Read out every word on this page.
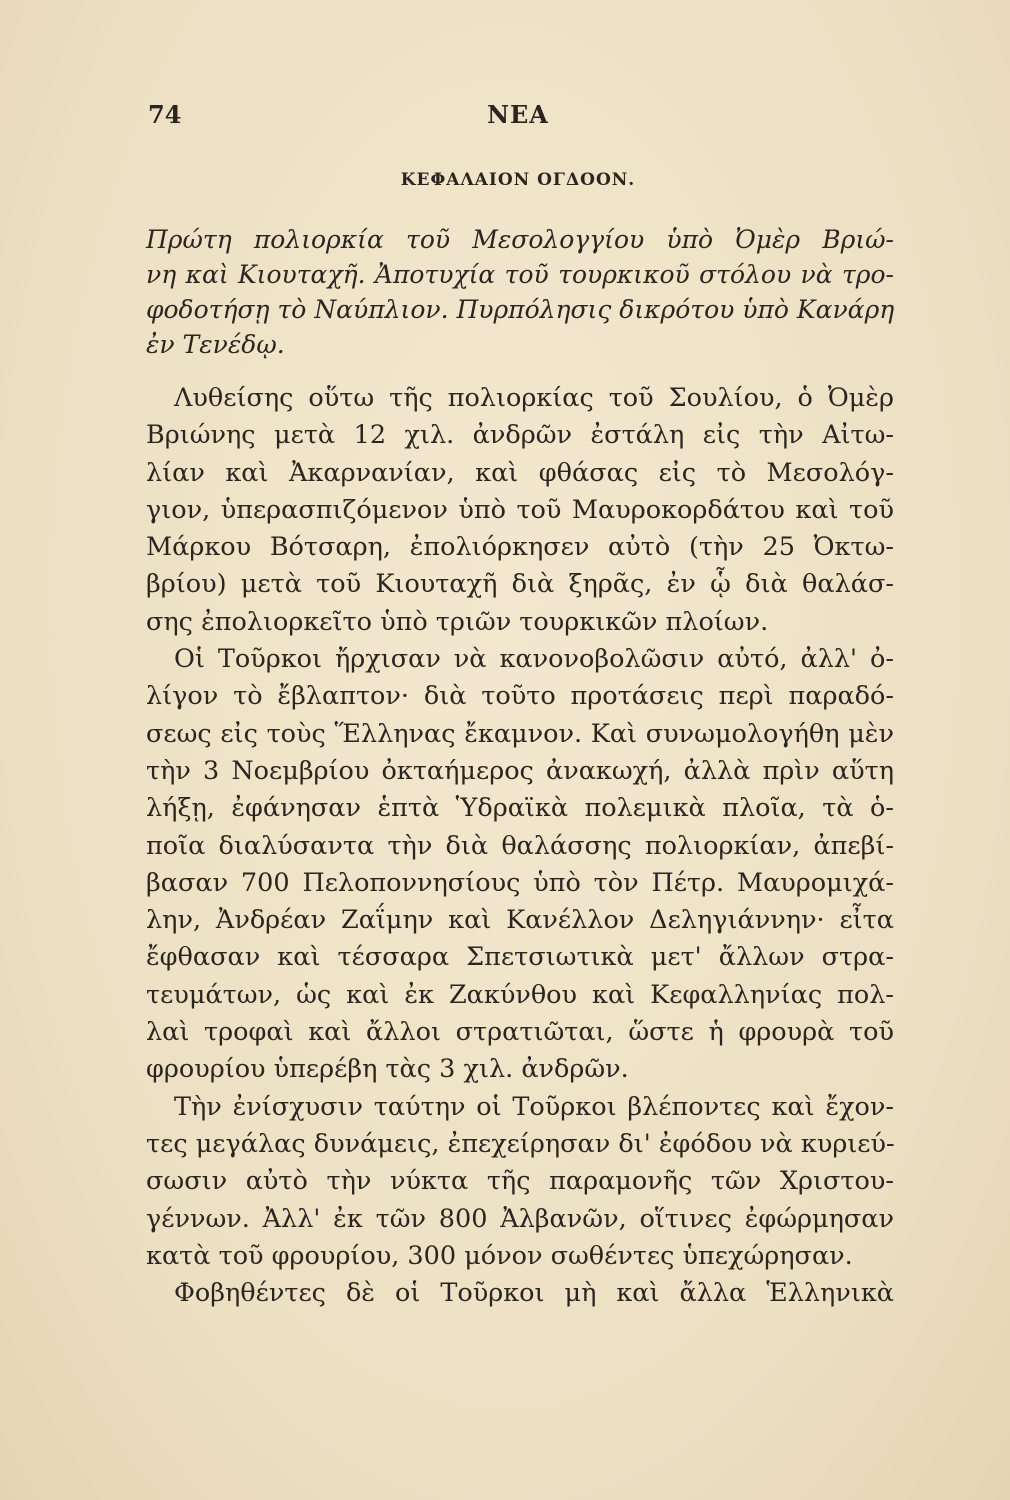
74	ΝΕΑ
ΚΕΦΑΛΑΙΟΝ ΟΓΔΟΟΝ.
Πρώτη πολιορκία τοῦ Μεσολογγίου ὑπὸ Ὀμὲρ Βριώ-
νη καὶ Κιουταχῆ. Ἀποτυχία τοῦ τουρκικοῦ στόλου νὰ τρο-
φοδοτήσῃ τὸ Ναύπλιον. Πυρπόλησις δικρότου ὑπὸ Κανάρη
ἐν Τενέδῳ.

Λυθείσης οὕτω τῆς πολιορκίας τοῦ Σουλίου, ὁ Ὀμὲρ
Βριώνης μετὰ 12 χιλ. ἀνδρῶν ἐστάλη εἰς τὴν Αἰτω-
λίαν καὶ Ἀκαρνανίαν, καὶ φθάσας εἰς τὸ Μεσολόγ-
γιον, ὑπερασπιζόμενον ὑπὸ τοῦ Μαυροκορδάτου καὶ τοῦ
Μάρκου Βότσαρη, ἐπολιόρκησεν αὐτὸ (τὴν 25 Ὀκτω-
βρίου) μετὰ τοῦ Κιουταχῆ διὰ ξηρᾶς, ἐν ᾧ διὰ θαλάσ-
σης ἐπολιορκεῖτο ὑπὸ τριῶν τουρκικῶν πλοίων.

Οἱ Τοῦρκοι ἤρχισαν νὰ κανονοβολῶσιν αὐτό, ἀλλ' ὀ-
λίγον τὸ ἔβλαπτον· διὰ τοῦτο προτάσεις περὶ παραδό-
σεως εἰς τοὺς Ἕλληνας ἔκαμνον. Καὶ συνωμολογήθη μὲν
τὴν 3 Νοεμβρίου ὀκταήμερος ἀνακωχή, ἀλλὰ πρὶν αὕτη
λήξῃ, ἐφάνησαν ἑπτὰ Ὑδραϊκὰ πολεμικὰ πλοῖα, τὰ ὁ-
ποῖα διαλύσαντα τὴν διὰ θαλάσσης πολιορκίαν, ἀπεβί-
βασαν 700 Πελοποννησίους ὑπὸ τὸν Πέτρ. Μαυρομιχά-
λην, Ἀνδρέαν Ζαΐμην καὶ Κανέλλον Δεληγιάννην· εἶτα
ἔφθασαν καὶ τέσσαρα Σπετσιωτικὰ μετ' ἄλλων στρα-
τευμάτων, ὡς καὶ ἐκ Ζακύνθου καὶ Κεφαλληνίας πολ-
λαὶ τροφαὶ καὶ ἄλλοι στρατιῶται, ὥστε ἡ φρουρὰ τοῦ
φρουρίου ὑπερέβη τὰς 3 χιλ. ἀνδρῶν.

Τὴν ἐνίσχυσιν ταύτην οἱ Τοῦρκοι βλέποντες καὶ ἔχον-
τες μεγάλας δυνάμεις, ἐπεχείρησαν δι' ἐφόδου νὰ κυριεύ-
σωσιν αὐτὸ τὴν νύκτα τῆς παραμονῆς τῶν Χριστου-
γέννων. Ἀλλ' ἐκ τῶν 800 Ἀλβανῶν, οἵτινες ἐφώρμησαν
κατὰ τοῦ φρουρίου, 300 μόνον σωθέντες ὑπεχώρησαν.

Φοβηθέντες δὲ οἱ Τοῦρκοι μὴ καὶ ἄλλα Ἑλληνικὰ
